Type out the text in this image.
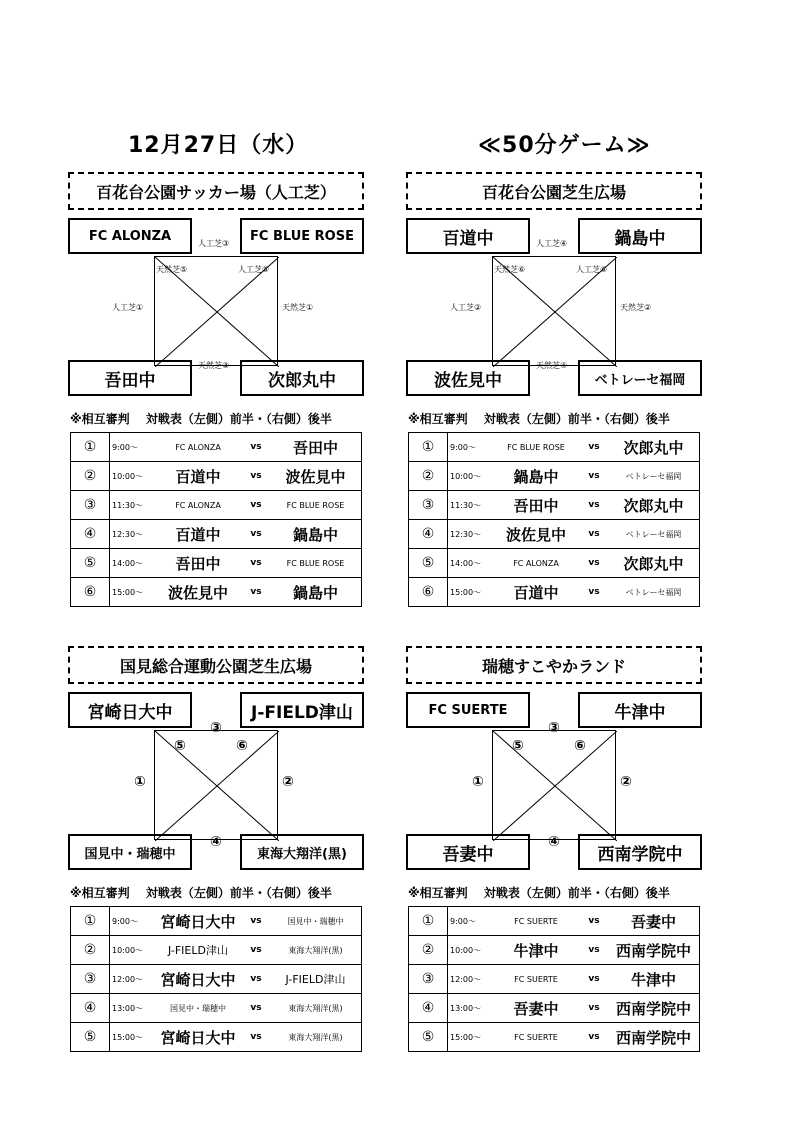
12月27日（水）	≪50分ゲーム≫
百花台公園サッカー場（人工芝）
FC ALONZA	FC BLUE ROSE
吾田中	次郎丸中
人工芝③
天然芝③
人工芝①	天然芝①
天然芝⑤	人工芝⑤
※相互審判　 対戦表（左側）前半・（右側）後半
①	9:00～	FC ALONZA	vs	吾田中
②	10:00～	百道中	vs	波佐見中
③	11:30～	FC ALONZA	vs	FC BLUE ROSE
④	12:30～	百道中	vs	鍋島中
⑤	14:00～	吾田中	vs	FC BLUE ROSE
⑥	15:00～	波佐見中	vs	鍋島中
百花台公園芝生広場
百道中	鍋島中
波佐見中	ベトレーセ福岡
人工芝④
天然芝④
人工芝②	天然芝②
天然芝⑥	人工芝⑥
※相互審判　 対戦表（左側）前半・（右側）後半
①	9:00～	FC BLUE ROSE	vs	次郎丸中
②	10:00～	鍋島中	vs	ベトレーセ福岡
③	11:30～	吾田中	vs	次郎丸中
④	12:30～	波佐見中	vs	ベトレーセ福岡
⑤	14:00～	FC ALONZA	vs	次郎丸中
⑥	15:00～	百道中	vs	ベトレーセ福岡
国見総合運動公園芝生広場
宮崎日大中	J-FIELD津山
国見中・瑞穂中	東海大翔洋(黒)
③
④
①	②
⑤	⑥
※相互審判　 対戦表（左側）前半・（右側）後半
①	9:00～	宮崎日大中	vs	国見中・瑞穂中
②	10:00～	J-FIELD津山	vs	東海大翔洋(黒)
③	12:00～	宮崎日大中	vs	J-FIELD津山
④	13:00～	国見中・瑞穂中	vs	東海大翔洋(黒)
⑤	15:00～	宮崎日大中	vs	東海大翔洋(黒)
瑞穂すこやかランド
FC SUERTE	牛津中
吾妻中	西南学院中
③
④
①	②
⑤	⑥
※相互審判　 対戦表（左側）前半・（右側）後半
①	9:00～	FC SUERTE	vs	吾妻中
②	10:00～	牛津中	vs	西南学院中
③	12:00～	FC SUERTE	vs	牛津中
④	13:00～	吾妻中	vs	西南学院中
⑤	15:00～	FC SUERTE	vs	西南学院中
